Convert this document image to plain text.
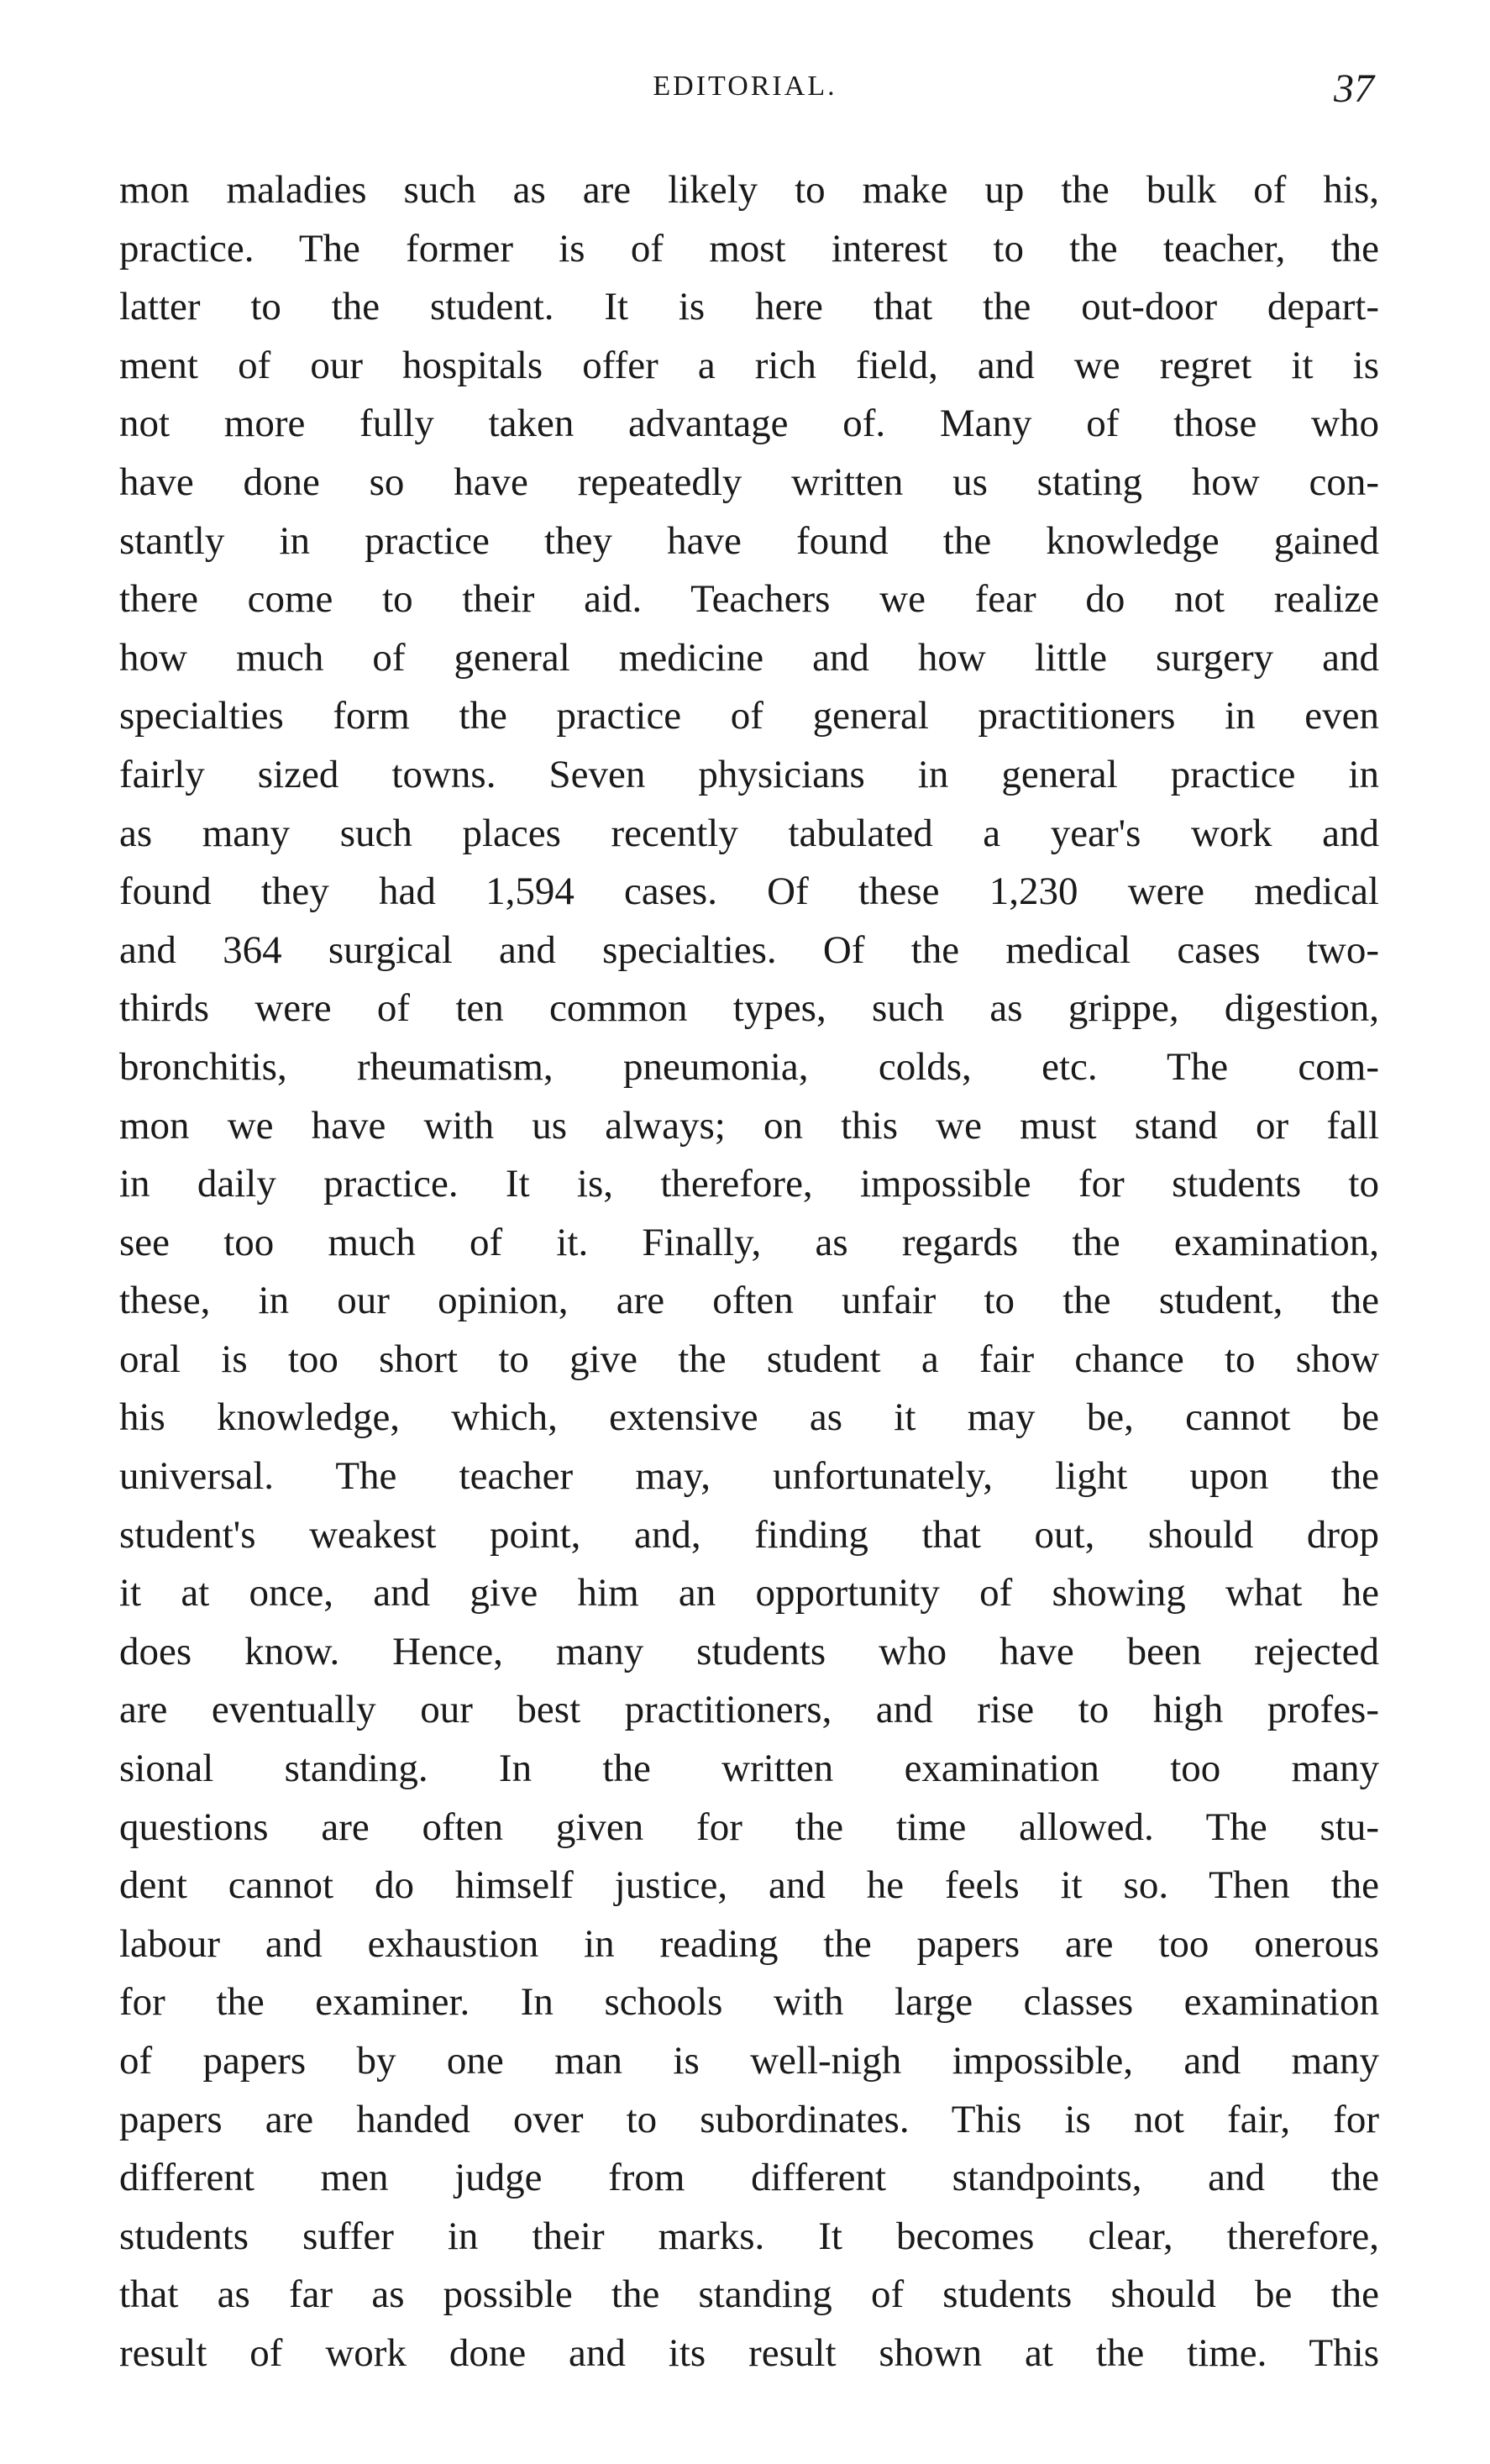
EDITORIAL.	37
mon maladies such as are likely to make up the bulk of his,
practice. The former is of most interest to the teacher, the
latter to the student. It is here that the out-door depart-
ment of our hospitals offer a rich field, and we regret it is
not more fully taken advantage of. Many of those who
have done so have repeatedly written us stating how con-
stantly in practice they have found the knowledge gained
there come to their aid. Teachers we fear do not realize
how much of general medicine and how little surgery and
specialties form the practice of general practitioners in even
fairly sized towns. Seven physicians in general practice in
as many such places recently tabulated a year's work and
found they had 1,594 cases. Of these 1,230 were medical
and 364 surgical and specialties. Of the medical cases two-
thirds were of ten common types, such as grippe, digestion,
bronchitis, rheumatism, pneumonia, colds, etc. The com-
mon we have with us always; on this we must stand or fall
in daily practice. It is, therefore, impossible for students to
see too much of it. Finally, as regards the examination,
these, in our opinion, are often unfair to the student, the
oral is too short to give the student a fair chance to show
his knowledge, which, extensive as it may be, cannot be
universal. The teacher may, unfortunately, light upon the
student's weakest point, and, finding that out, should drop
it at once, and give him an opportunity of showing what he
does know. Hence, many students who have been rejected
are eventually our best practitioners, and rise to high profes-
sional standing. In the written examination too many
questions are often given for the time allowed. The stu-
dent cannot do himself justice, and he feels it so. Then the
labour and exhaustion in reading the papers are too onerous
for the examiner. In schools with large classes examination
of papers by one man is well-nigh impossible, and many
papers are handed over to subordinates. This is not fair, for
different men judge from different standpoints, and the
students suffer in their marks. It becomes clear, therefore,
that as far as possible the standing of students should be the
result of work done and its result shown at the time. This
